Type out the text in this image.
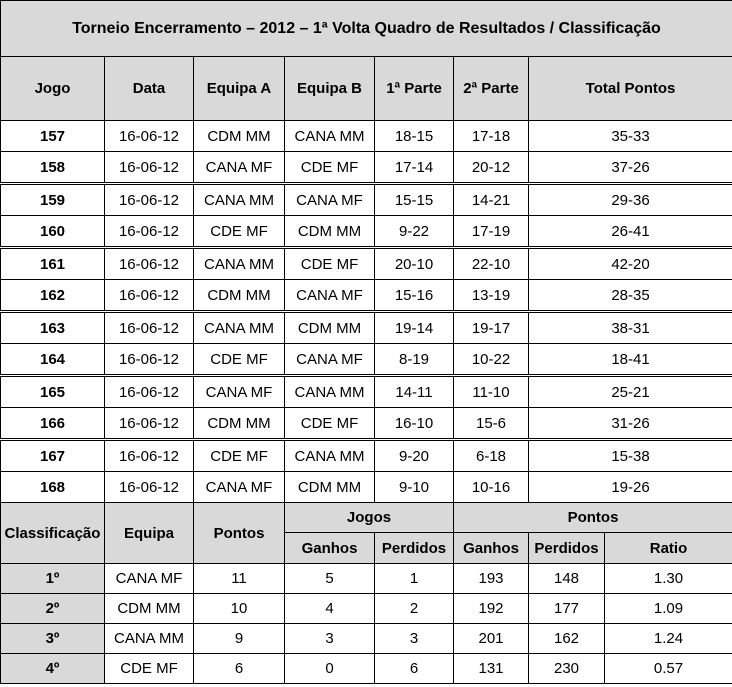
Torneio Encerramento – 2012 – 1ª Volta Quadro de Resultados / Classificação							
Jogo	Data	Equipa A	Equipa B	1ª Parte	2ª Parte	Total Pontos	
157	16-06-12	CDM MM	CANA MM	18-15	17-18	35-33	
158	16-06-12	CANA MF	CDE MF	17-14	20-12	37-26	
159	16-06-12	CANA MM	CANA MF	15-15	14-21	29-36	
160	16-06-12	CDE MF	CDM MM	9-22	17-19	26-41	
161	16-06-12	CANA MM	CDE MF	20-10	22-10	42-20	
162	16-06-12	CDM MM	CANA MF	15-16	13-19	28-35	
163	16-06-12	CANA MM	CDM MM	19-14	19-17	38-31	
164	16-06-12	CDE MF	CANA MF	8-19	10-22	18-41	
165	16-06-12	CANA MF	CANA MM	14-11	11-10	25-21	
166	16-06-12	CDM MM	CDE MF	16-10	15-6	31-26	
167	16-06-12	CDE MF	CANA MM	9-20	6-18	15-38	
168	16-06-12	CANA MF	CDM MM	9-10	10-16	19-26	
Classificação	Equipa	Pontos	Jogos		Pontos		
			Ganhos	Perdidos	Ganhos	Perdidos	Ratio
1º	CANA MF	11	5	1	193	148	1.30
2º	CDM MM	10	4	2	192	177	1.09
3º	CANA MM	9	3	3	201	162	1.24
4º	CDE MF	6	0	6	131	230	0.57
